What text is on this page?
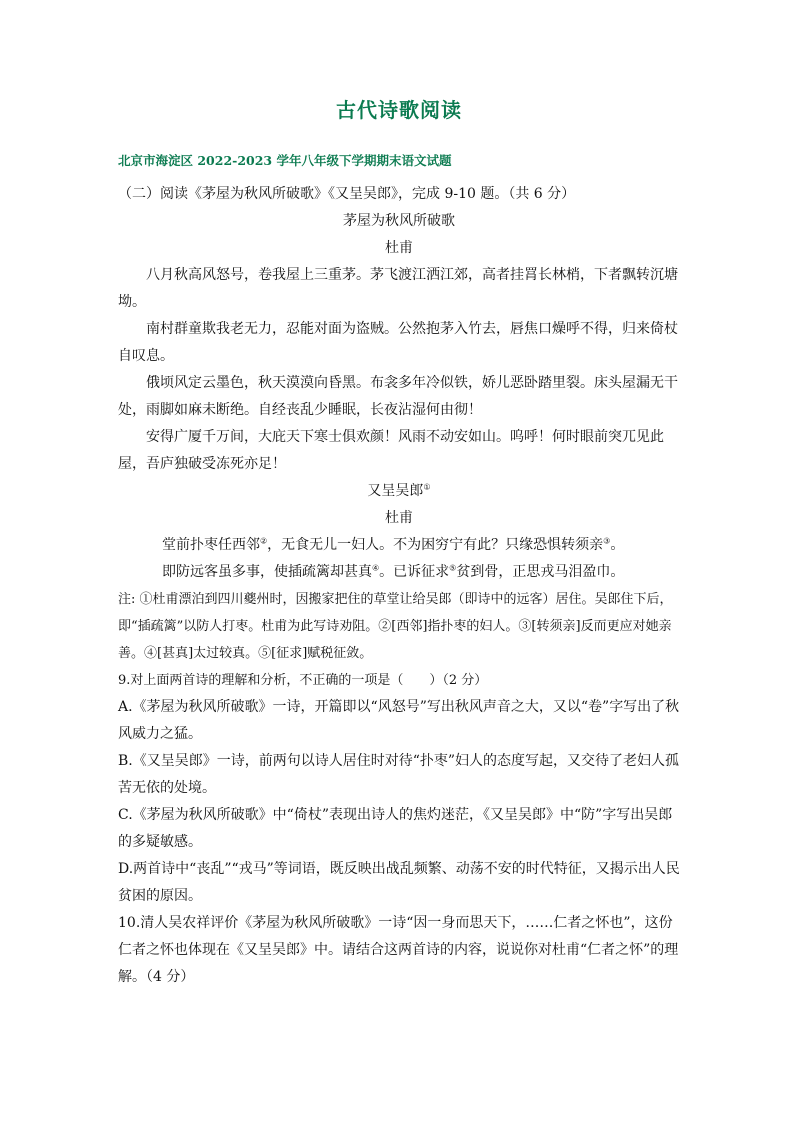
古代诗歌阅读
北京市海淀区 2022-2023 学年八年级下学期期末语文试题

（二）阅读《茅屋为秋风所破歌》《又呈吴郎》，完成 9-10 题。（共 6 分）

茅屋为秋风所破歌

杜甫

八月秋高风怒号，卷我屋上三重茅。茅飞渡江洒江郊，高者挂罥长林梢，下者飘转沉塘坳。

南村群童欺我老无力，忍能对面为盗贼。公然抱茅入竹去，唇焦口燥呼不得，归来倚杖自叹息。

俄顷风定云墨色，秋天漠漠向昏黑。布衾多年冷似铁，娇儿恶卧踏里裂。床头屋漏无干处，雨脚如麻未断绝。自经丧乱少睡眠，长夜沾湿何由彻！

安得广厦千万间，大庇天下寒士俱欢颜！风雨不动安如山。呜呼！何时眼前突兀见此屋，吾庐独破受冻死亦足！

又呈吴郎①

杜甫

堂前扑枣任西邻②，无食无儿一妇人。不为困穷宁有此？只缘恐惧转须亲③。

即防远客虽多事，使插疏篱却甚真④。已诉征求⑤贫到骨，正思戎马泪盈巾。

注: ①杜甫漂泊到四川夔州时，因搬家把住的草堂让给吴郎（即诗中的远客）居住。吴郎住下后，即“插疏篱”以防人打枣。杜甫为此写诗劝阻。②[西邻]指扑枣的妇人。③[转须亲]反而更应对她亲善。④[甚真]太过较真。⑤[征求]赋税征敛。

9.对上面两首诗的理解和分析，不正确的一项是（　　）（2 分）

A.《茅屋为秋风所破歌》一诗，开篇即以“风怒号”写出秋风声音之大，又以“卷”字写出了秋风威力之猛。

B.《又呈吴郎》一诗，前两句以诗人居住时对待“扑枣”妇人的态度写起，又交待了老妇人孤苦无依的处境。

C.《茅屋为秋风所破歌》中“倚杖”表现出诗人的焦灼迷茫，《又呈吴郎》中“防”字写出吴郎的多疑敏感。

D.两首诗中“丧乱”“戎马”等词语，既反映出战乱频繁、动荡不安的时代特征，又揭示出人民贫困的原因。

10.清人吴农祥评价《茅屋为秋风所破歌》一诗“因一身而思天下，……仁者之怀也”，这份仁者之怀也体现在《又呈吴郎》中。请结合这两首诗的内容，说说你对杜甫“仁者之怀”的理解。（4 分）
